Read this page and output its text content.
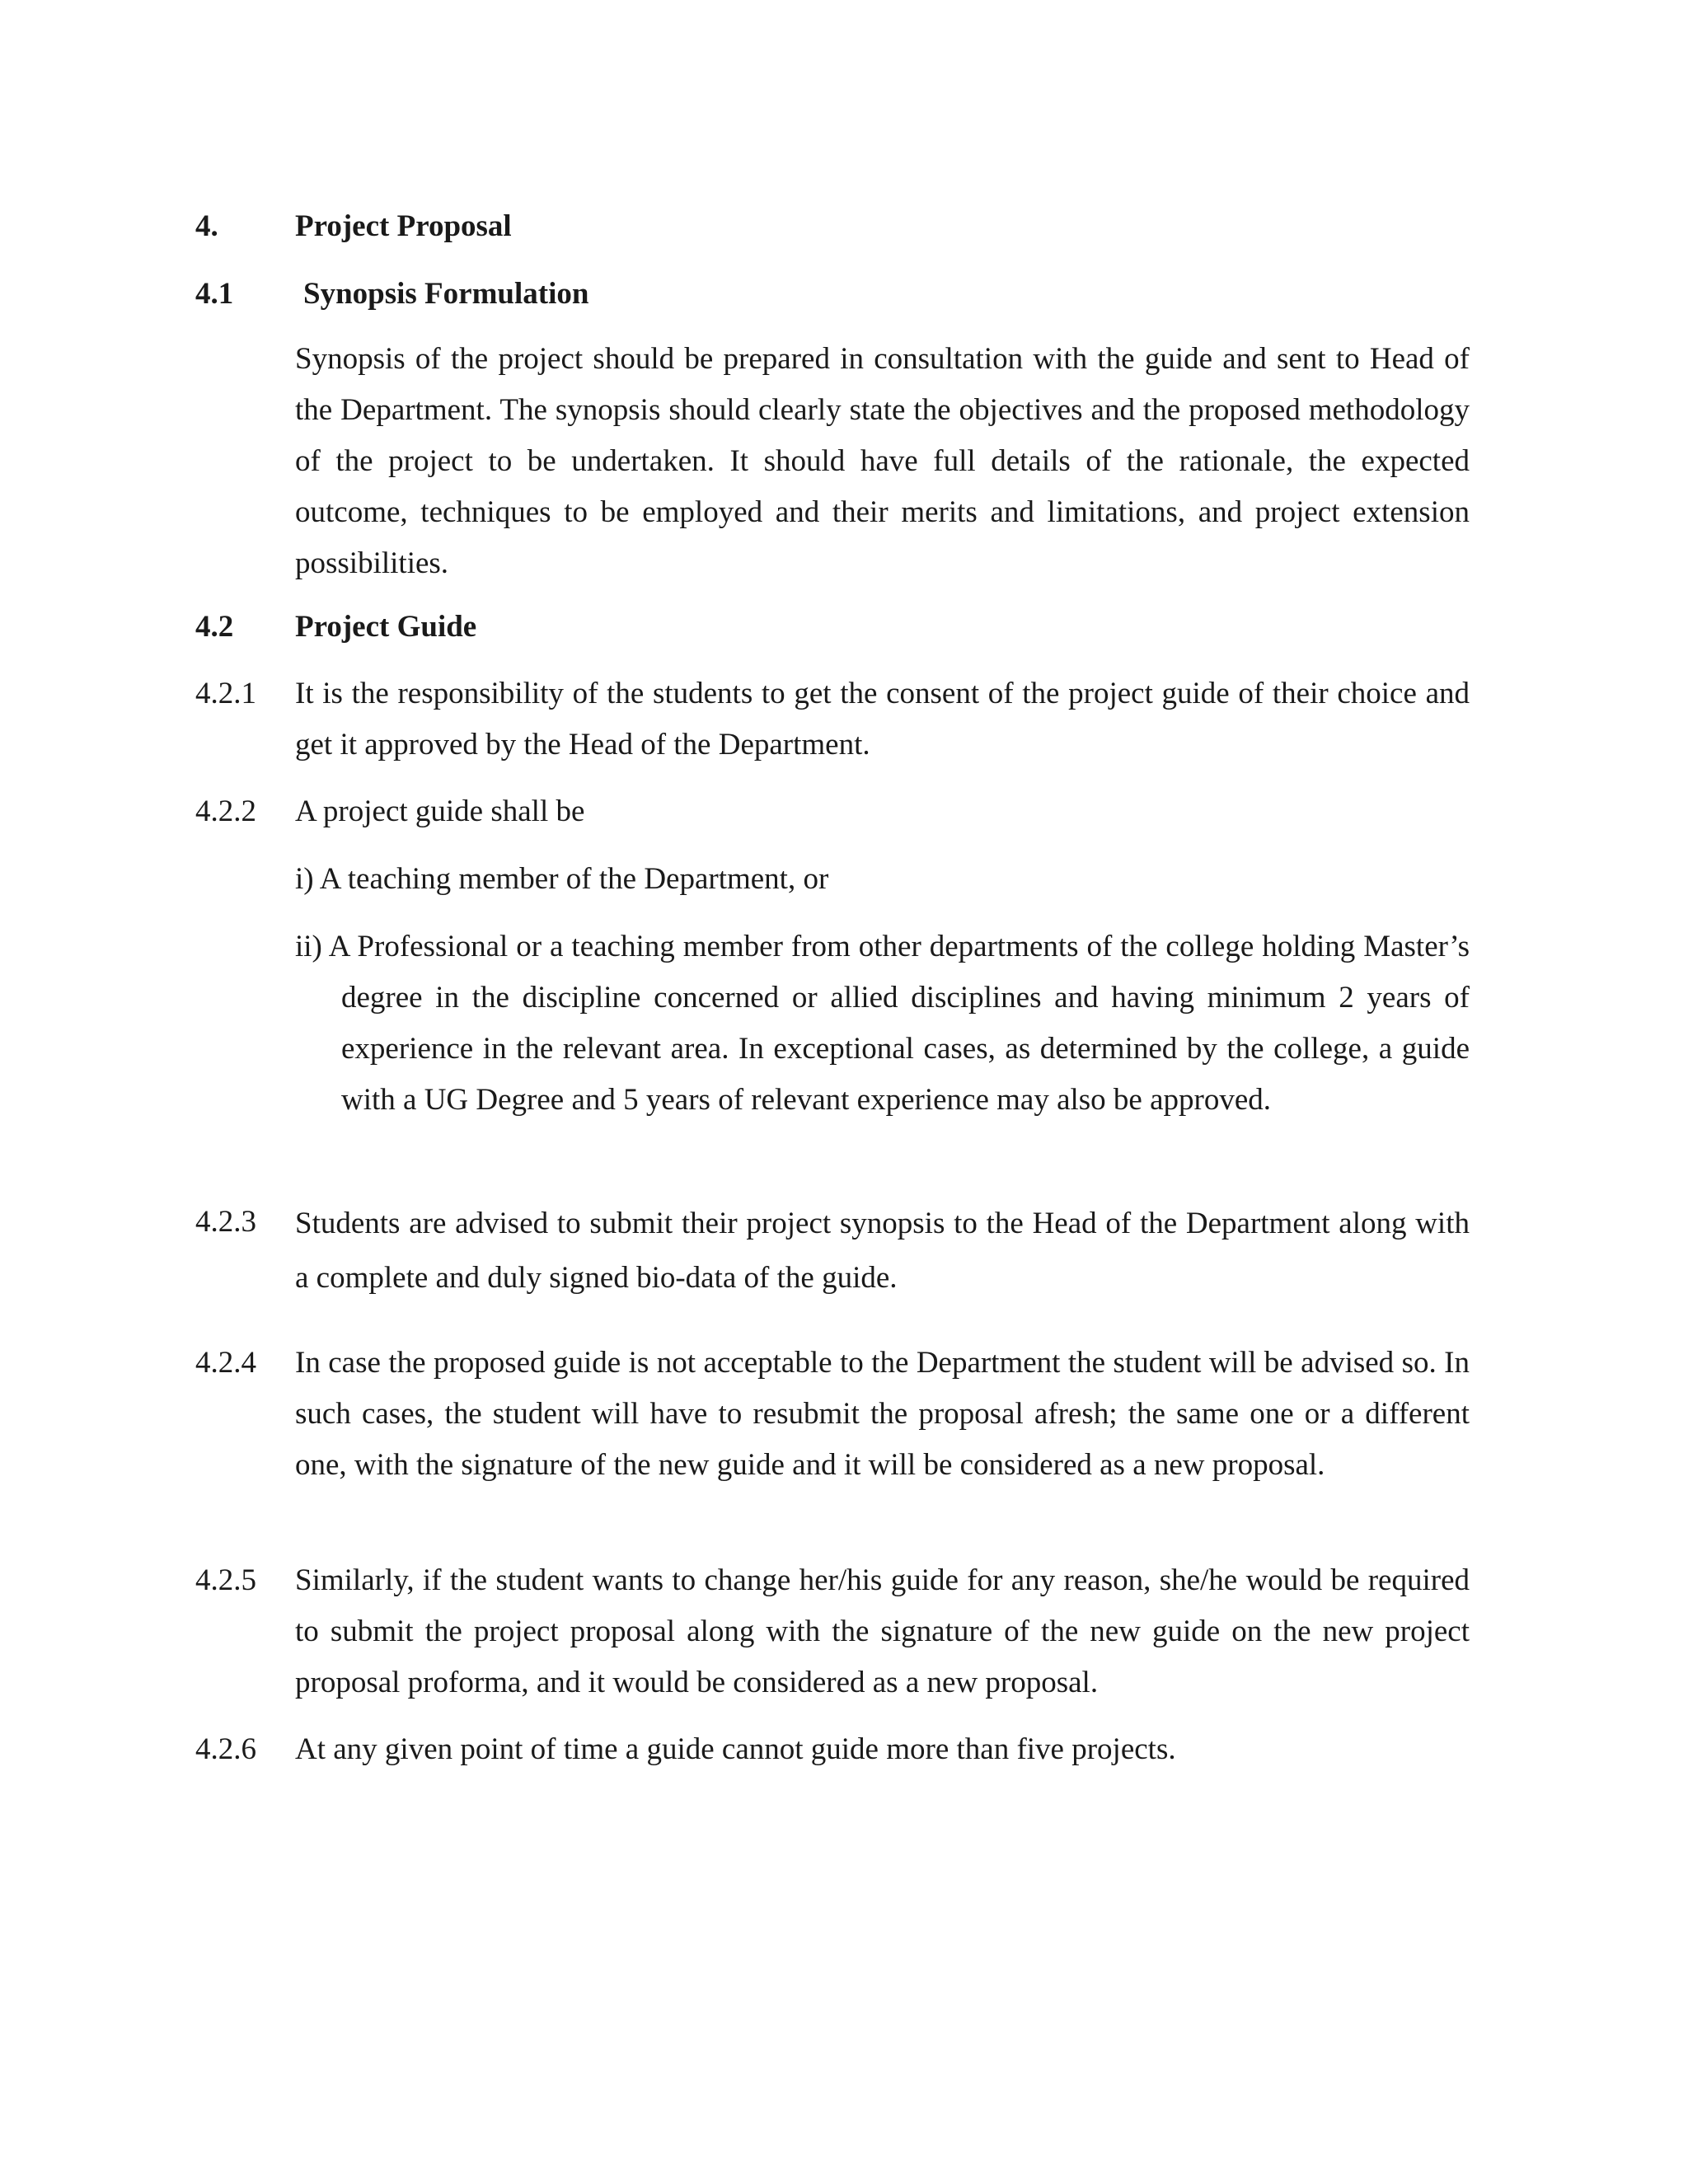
4.	Project Proposal
4.1 Synopsis Formulation

Synopsis of the project should be prepared in consultation with the guide and sent to Head of the Department. The synopsis should clearly state the objectives and the proposed methodology of the project to be undertaken. It should have full details of the rationale, the expected outcome, techniques to be employed and their merits and limitations, and project extension possibilities.

4.2 Project Guide
4.2.1 It is the responsibility of the students to get the consent of the project guide of their choice and get it approved by the Head of the Department.

4.2.2 A project guide shall be

i) A teaching member of the Department, or

ii) A Professional or a teaching member from other departments of the college holding Master’s degree in the discipline concerned or allied disciplines and having minimum 2 years of experience in the relevant area. In exceptional cases, as determined by the college, a guide with a UG Degree and 5 years of relevant experience may also be approved.

4.2.3 Students are advised to submit their project synopsis to the Head of the Department along with a complete and duly signed bio-data of the guide.

4.2.4 In case the proposed guide is not acceptable to the Department the student will be advised so. In such cases, the student will have to resubmit the proposal afresh; the same one or a different one, with the signature of the new guide and it will be considered as a new proposal.

4.2.5 Similarly, if the student wants to change her/his guide for any reason, she/he would be required to submit the project proposal along with the signature of the new guide on the new project proposal proforma, and it would be considered as a new proposal.

4.2.6 At any given point of time a guide cannot guide more than five projects.
